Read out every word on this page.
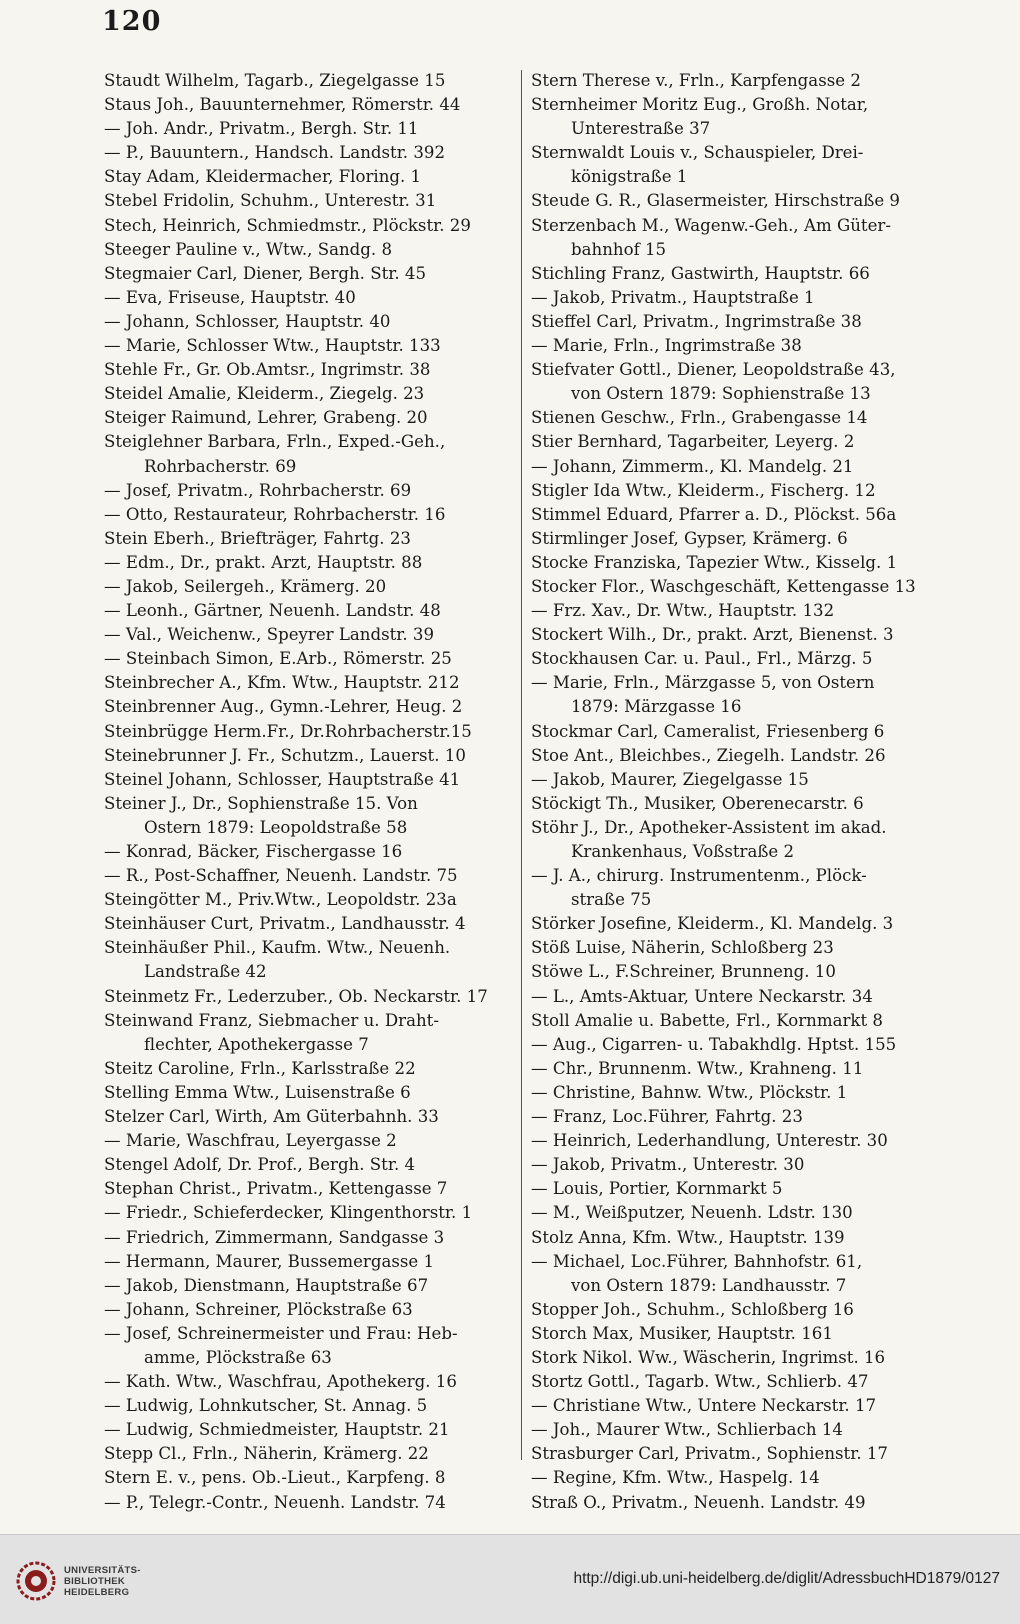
120
Staudt Wilhelm, Tagarb., Ziegelgasse 15
Staus Joh., Bauunternehmer, Römerstr. 44
— Joh. Andr., Privatm., Bergh. Str. 11
— P., Bauuntern., Handsch. Landstr. 392
Stay Adam, Kleidermacher, Floring. 1
Stebel Fridolin, Schuhm., Unterestr. 31
Stech, Heinrich, Schmiedmstr., Plöckstr. 29
Steeger Pauline v., Wtw., Sandg. 8
Stegmaier Carl, Diener, Bergh. Str. 45
— Eva, Friseuse, Hauptstr. 40
— Johann, Schlosser, Hauptstr. 40
— Marie, Schlosser Wtw., Hauptstr. 133
Stehle Fr., Gr. Ob.Amtsr., Ingrimstr. 38
Steidel Amalie, Kleiderm., Ziegelg. 23
Steiger Raimund, Lehrer, Grabeng. 20
Steiglehner Barbara, Frln., Exped.-Geh.,
Rohrbacherstr. 69
— Josef, Privatm., Rohrbacherstr. 69
— Otto, Restaurateur, Rohrbacherstr. 16
Stein Eberh., Briefträger, Fahrtg. 23
— Edm., Dr., prakt. Arzt, Hauptstr. 88
— Jakob, Seilergeh., Krämerg. 20
— Leonh., Gärtner, Neuenh. Landstr. 48
— Val., Weichenw., Speyrer Landstr. 39
— Steinbach Simon, E.Arb., Römerstr. 25
Steinbrecher A., Kfm. Wtw., Hauptstr. 212
Steinbrenner Aug., Gymn.-Lehrer, Heug. 2
Steinbrügge Herm.Fr., Dr.Rohrbacherstr.15
Steinebrunner J. Fr., Schutzm., Lauerst. 10
Steinel Johann, Schlosser, Hauptstraße 41
Steiner J., Dr., Sophienstraße 15. Von
Ostern 1879: Leopoldstraße 58
— Konrad, Bäcker, Fischergasse 16
— R., Post-Schaffner, Neuenh. Landstr. 75
Steingötter M., Priv.Wtw., Leopoldstr. 23a
Steinhäuser Curt, Privatm., Landhausstr. 4
Steinhäußer Phil., Kaufm. Wtw., Neuenh.
Landstraße 42
Steinmetz Fr., Lederzuber., Ob. Neckarstr. 17
Steinwand Franz, Siebmacher u. Draht-
flechter, Apothekergasse 7
Steitz Caroline, Frln., Karlsstraße 22
Stelling Emma Wtw., Luisenstraße 6
Stelzer Carl, Wirth, Am Güterbahnh. 33
— Marie, Waschfrau, Leyergasse 2
Stengel Adolf, Dr. Prof., Bergh. Str. 4
Stephan Christ., Privatm., Kettengasse 7
— Friedr., Schieferdecker, Klingenthorstr. 1
— Friedrich, Zimmermann, Sandgasse 3
— Hermann, Maurer, Bussemergasse 1
— Jakob, Dienstmann, Hauptstraße 67
— Johann, Schreiner, Plöckstraße 63
— Josef, Schreinermeister und Frau: Heb-
amme, Plöckstraße 63
— Kath. Wtw., Waschfrau, Apothekerg. 16
— Ludwig, Lohnkutscher, St. Annag. 5
— Ludwig, Schmiedmeister, Hauptstr. 21
Stepp Cl., Frln., Näherin, Krämerg. 22
Stern E. v., pens. Ob.-Lieut., Karpfeng. 8
— P., Telegr.-Contr., Neuenh. Landstr. 74
Stern Therese v., Frln., Karpfengasse 2
Sternheimer Moritz Eug., Großh. Notar,
Unterestraße 37
Sternwaldt Louis v., Schauspieler, Drei-
königstraße 1
Steude G. R., Glasermeister, Hirschstraße 9
Sterzenbach M., Wagenw.-Geh., Am Güter-
bahnhof 15
Stichling Franz, Gastwirth, Hauptstr. 66
— Jakob, Privatm., Hauptstraße 1
Stieffel Carl, Privatm., Ingrimstraße 38
— Marie, Frln., Ingrimstraße 38
Stiefvater Gottl., Diener, Leopoldstraße 43,
von Ostern 1879: Sophienstraße 13
Stienen Geschw., Frln., Grabengasse 14
Stier Bernhard, Tagarbeiter, Leyerg. 2
— Johann, Zimmerm., Kl. Mandelg. 21
Stigler Ida Wtw., Kleiderm., Fischerg. 12
Stimmel Eduard, Pfarrer a. D., Plöckst. 56a
Stirmlinger Josef, Gypser, Krämerg. 6
Stocke Franziska, Tapezier Wtw., Kisselg. 1
Stocker Flor., Waschgeschäft, Kettengasse 13
— Frz. Xav., Dr. Wtw., Hauptstr. 132
Stockert Wilh., Dr., prakt. Arzt, Bienenst. 3
Stockhausen Car. u. Paul., Frl., Märzg. 5
— Marie, Frln., Märzgasse 5, von Ostern
1879: Märzgasse 16
Stockmar Carl, Cameralist, Friesenberg 6
Stoe Ant., Bleichbes., Ziegelh. Landstr. 26
— Jakob, Maurer, Ziegelgasse 15
Stöckigt Th., Musiker, Oberenecarstr. 6
Stöhr J., Dr., Apotheker-Assistent im akad.
Krankenhaus, Voßstraße 2
— J. A., chirurg. Instrumentenm., Plöck-
straße 75
Störker Josefine, Kleiderm., Kl. Mandelg. 3
Stöß Luise, Näherin, Schloßberg 23
Stöwe L., F.Schreiner, Brunneng. 10
— L., Amts-Aktuar, Untere Neckarstr. 34
Stoll Amalie u. Babette, Frl., Kornmarkt 8
— Aug., Cigarren- u. Tabakhdlg. Hptst. 155
— Chr., Brunnenm. Wtw., Krahneng. 11
— Christine, Bahnw. Wtw., Plöckstr. 1
— Franz, Loc.Führer, Fahrtg. 23
— Heinrich, Lederhandlung, Unterestr. 30
— Jakob, Privatm., Unterestr. 30
— Louis, Portier, Kornmarkt 5
— M., Weißputzer, Neuenh. Ldstr. 130
Stolz Anna, Kfm. Wtw., Hauptstr. 139
— Michael, Loc.Führer, Bahnhofstr. 61,
von Ostern 1879: Landhausstr. 7
Stopper Joh., Schuhm., Schloßberg 16
Storch Max, Musiker, Hauptstr. 161
Stork Nikol. Ww., Wäscherin, Ingrimst. 16
Stortz Gottl., Tagarb. Wtw., Schlierb. 47
— Christiane Wtw., Untere Neckarstr. 17
— Joh., Maurer Wtw., Schlierbach 14
Strasburger Carl, Privatm., Sophienstr. 17
— Regine, Kfm. Wtw., Haspelg. 14
Straß O., Privatm., Neuenh. Landstr. 49
UNIVERSITÄTS-
BIBLIOTHEK
HEIDELBERG
http://digi.ub.uni-heidelberg.de/diglit/AdressbuchHD1879/0127
